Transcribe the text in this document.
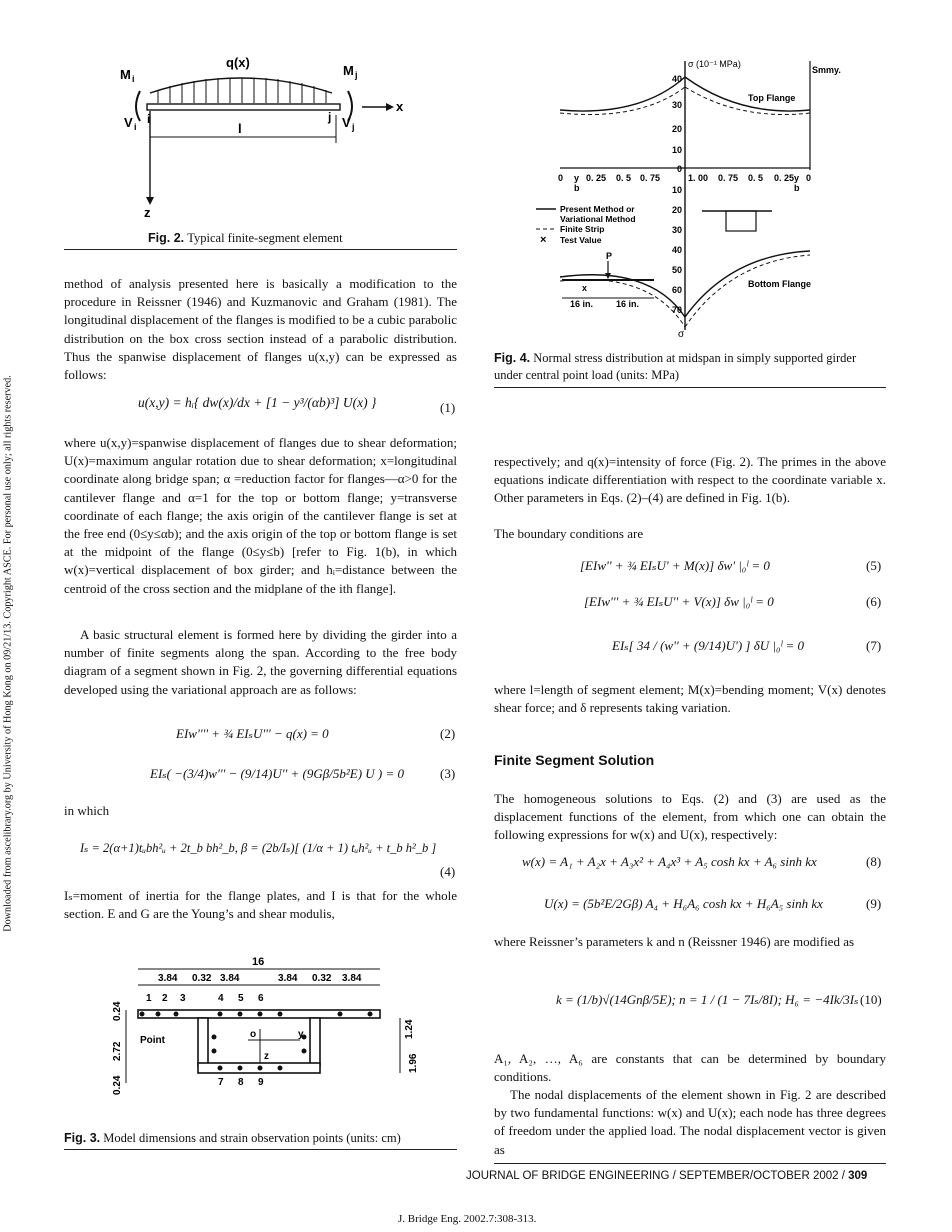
Downloaded from ascelibrary.org by University of Hong Kong on 09/21/13. Copyright ASCE. For personal use only; all rights reserved.
M i
M j
q(x)
V i	V j
i	j
l
x
z
Fig. 2. Typical finite-segment element

method of analysis presented here is basically a modification to the procedure in Reissner (1946) and Kuzmanovic and Graham (1981). The longitudinal displacement of the flanges is modified to be a cubic parabolic distribution on the box cross section instead of a parabolic distribution. Thus the spanwise displacement of flanges u(x,y) can be expressed as follows:

u(x,y) = hᵢ{ dw(x)/dx + [1 − y³/(αb)³] U(x) }	(1)

where u(x,y)=spanwise displacement of flanges due to shear deformation; U(x)=maximum angular rotation due to shear deformation; x=longitudinal coordinate along bridge span; α =reduction factor for flanges—α>0 for the cantilever flange and α=1 for the top or bottom flange; y=transverse coordinate of each flange; the axis origin of the cantilever flange is set at the free end (0≤y≤αb); and the axis origin of the top or bottom flange is set at the midpoint of the flange (0≤y≤b) [refer to Fig. 1(b), in which w(x)=vertical displacement of box girder; and hᵢ=distance between the centroid of the cross section and the midplane of the ith flange].

A basic structural element is formed here by dividing the girder into a number of finite segments along the span. According to the free body diagram of a segment shown in Fig. 2, the governing differential equations developed using the variational approach are as follows:

EIw'''' + ¾ EIₛU''' − q(x) = 0	(2)
EIₛ( −(3/4)w''' − (9/14)U'' + (9Gβ/5b²E) U ) = 0	(3)
in which
Iₛ = 2(α+1)tᵤbh²ᵤ + 2t_b bh²_b, β = (2b/Iₛ)[ (1/α + 1) tᵤh²ᵤ + t_b h²_b ]
(4)

Iₛ=moment of inertia for the flange plates, and I is that for the whole section. E and G are the Young’s and shear modulis,

16
3.84 0.32 3.84	3.84 0.32 3.84
1 2 3	4 5 6
7 8 9
Point
o	y
z
0.24
2.72
0.24
1.24
1.96
Fig. 3. Model dimensions and strain observation points (units: cm)
×
σ (10⁻¹ MPa)
Smmy.
Top Flange
Bottom Flange
σ
40
30
20
10
0
10
20
30
40
50
60
70
0	0. 25 0. 5 0. 75	1. 00 0. 75 0. 5 0. 25 0
y
b
y
b
Present Method or
Variational Method
Finite Strip
Test Value
P
x
16 in.	16 in.
Fig. 4. Normal stress distribution at midspan in simply supported girder under central point load (units: MPa)

respectively; and q(x)=intensity of force (Fig. 2). The primes in the above equations indicate differentiation with respect to the coordinate variable x. Other parameters in Eqs. (2)–(4) are defined in Fig. 1(b).

The boundary conditions are
[EIw'' + ¾ EIₛU' + M(x)] δw' |₀ˡ = 0	(5)
[EIw''' + ¾ EIₛU'' + V(x)] δw |₀ˡ = 0	(6)
EIₛ[ 34 / (w'' + (9/14)U') ] δU |₀ˡ = 0	(7)

where l=length of segment element; M(x)=bending moment; V(x) denotes shear force; and δ represents taking variation.

Finite Segment Solution

The homogeneous solutions to Eqs. (2) and (3) are used as the displacement functions of the element, from which one can obtain the following expressions for w(x) and U(x), respectively:

w(x) = A₁ + A₂x + A₃x² + A₄x³ + A₅ cosh kx + A₆ sinh kx	(8)
U(x) = (5b²E/2Gβ) A₄ + H₆A₆ cosh kx + H₆A₅ sinh kx	(9)

where Reissner’s parameters k and n (Reissner 1946) are modified as

k = (1/b)√(14Gnβ/5E); n = 1 / (1 − 7Iₛ/8I); H₆ = −4Ik/3Iₛ (10)

A₁, A₂, …, A₆ are constants that can be determined by boundary conditions.

The nodal displacements of the element shown in Fig. 2 are described by two fundamental functions: w(x) and U(x); each node has three degrees of freedom under the applied load. The nodal displacement vector is given as

JOURNAL OF BRIDGE ENGINEERING / SEPTEMBER/OCTOBER 2002 / 309
J. Bridge Eng. 2002.7:308-313.
